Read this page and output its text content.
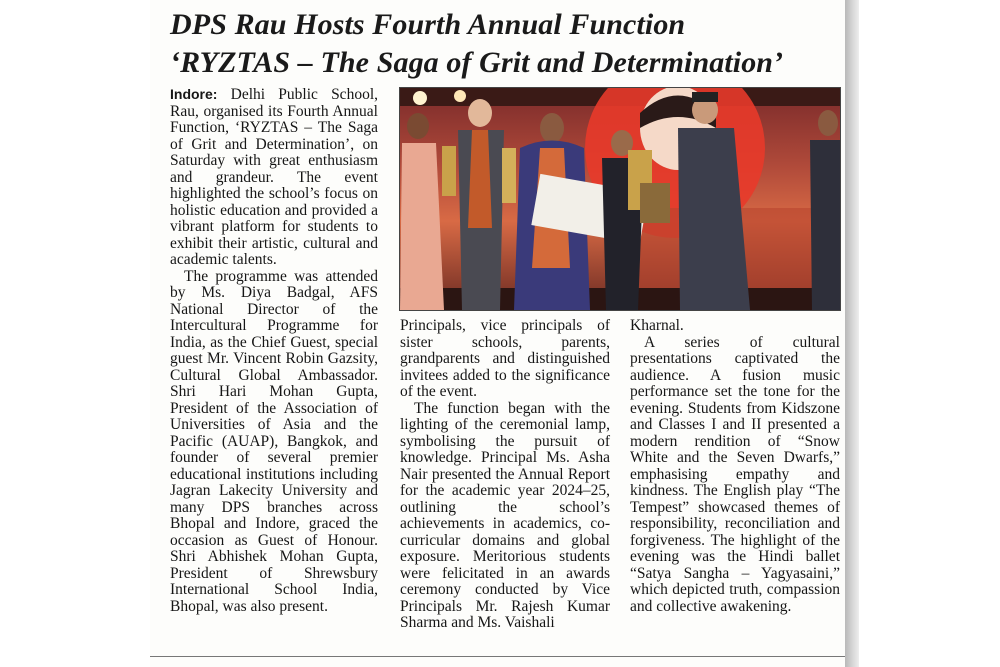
DPS Rau Hosts Fourth Annual Function
‘RYZTAS – The Saga of Grit and Determination’

Indore: Delhi Public School, Rau, organised its Fourth Annual Function, ‘RYZTAS – The Saga of Grit and Determination’, on Saturday with great enthusiasm and grandeur. The event highlighted the school’s focus on holistic education and provided a vibrant platform for students to exhibit their artistic, cultural and academic talents.

The programme was attended by Ms. Diya Badgal, AFS National Director of the Intercultural Programme for India, as the Chief Guest, special guest Mr. Vincent Robin Gazsity, Cultural Global Ambassador. Shri Hari Mohan Gupta, President of the Association of Universities of Asia and the Pacific (AUAP), Bangkok, and founder of several premier educational institutions including Jagran Lakecity University and many DPS branches across Bhopal and Indore, graced the occasion as Guest of Honour. Shri Abhishek Mohan Gupta, President of Shrewsbury International School India, Bhopal, was also present.

Principals, vice principals of sister schools, parents, grandparents and distinguished invitees added to the significance of the event.

The function began with the lighting of the ceremonial lamp, symbolising the pursuit of knowledge. Principal Ms. Asha Nair presented the Annual Report for the academic year 2024–25, outlining the school’s achievements in academics, co-curricular domains and global exposure. Meritorious students were felicitated in an awards ceremony conducted by Vice Principals Mr. Rajesh Kumar Sharma and Ms. Vaishali

Kharnal.

A series of cultural presentations captivated the audience. A fusion music performance set the tone for the evening. Students from Kidszone and Classes I and II presented a modern rendition of “Snow White and the Seven Dwarfs,” emphasising empathy and kindness. The English play “The Tempest” showcased themes of responsibility, reconciliation and forgiveness. The highlight of the evening was the Hindi ballet “Satya Sangha – Yagyasaini,” which depicted truth, compassion and collective awakening.
